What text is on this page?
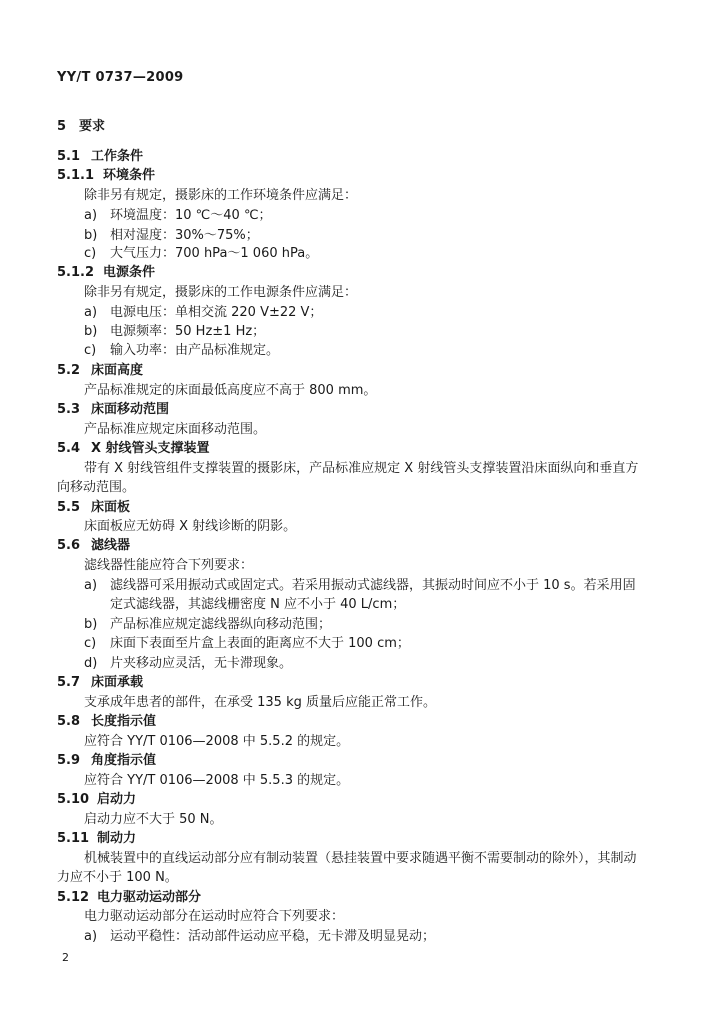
YY/T 0737—2009
5 要求
5.1 工作条件
5.1.1 环境条件
除非另有规定，摄影床的工作环境条件应满足：
a) 环境温度：10 ℃～40 ℃；
b) 相对湿度：30%～75%；
c) 大气压力：700 hPa～1 060 hPa。
5.1.2 电源条件
除非另有规定，摄影床的工作电源条件应满足：
a) 电源电压：单相交流 220 V±22 V；
b) 电源频率：50 Hz±1 Hz；
c) 输入功率：由产品标准规定。
5.2 床面高度
产品标准规定的床面最低高度应不高于 800 mm。
5.3 床面移动范围
产品标准应规定床面移动范围。
5.4 X 射线管头支撑装置
带有 X 射线管组件支撑装置的摄影床，产品标准应规定 X 射线管头支撑装置沿床面纵向和垂直方
向移动范围。
5.5 床面板
床面板应无妨碍 X 射线诊断的阴影。
5.6 滤线器
滤线器性能应符合下列要求：
a) 滤线器可采用振动式或固定式。若采用振动式滤线器，其振动时间应不小于 10 s。若采用固
定式滤线器，其滤线栅密度 N 应不小于 40 L/cm；
b) 产品标准应规定滤线器纵向移动范围；
c) 床面下表面至片盒上表面的距离应不大于 100 cm；
d) 片夹移动应灵活，无卡滞现象。
5.7 床面承载
支承成年患者的部件，在承受 135 kg 质量后应能正常工作。
5.8 长度指示值
应符合 YY/T 0106—2008 中 5.5.2 的规定。
5.9 角度指示值
应符合 YY/T 0106—2008 中 5.5.3 的规定。
5.10 启动力
启动力应不大于 50 N。
5.11 制动力
机械装置中的直线运动部分应有制动装置（悬挂装置中要求随遇平衡不需要制动的除外），其制动
力应不小于 100 N。
5.12 电力驱动运动部分
电力驱动运动部分在运动时应符合下列要求：
a) 运动平稳性：活动部件运动应平稳，无卡滞及明显晃动；
2
